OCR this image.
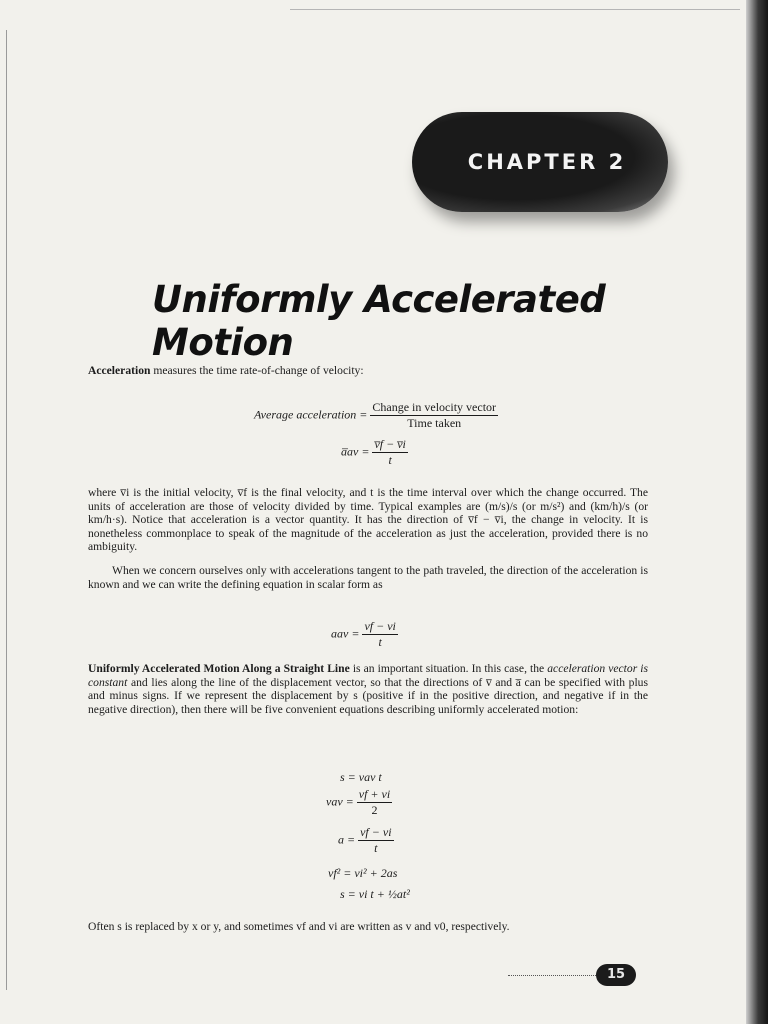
CHAPTER 2
Uniformly Accelerated Motion
Acceleration measures the time rate-of-change of velocity:
Average acceleration = $\frac{\text{Change in velocity vector}}{\text{Time taken}}$
a̅av = $\frac{v̅f - v̅i}{t}$
where v̅i is the initial velocity, v̅f is the final velocity, and t is the time interval over which the change occurred. The units of acceleration are those of velocity divided by time. Typical examples are (m/s)/s (or m/s²) and (km/h)/s (or km/h·s). Notice that acceleration is a vector quantity. It has the direction of v̅f − v̅i, the change in velocity. It is nonetheless commonplace to speak of the magnitude of the acceleration as just the acceleration, provided there is no ambiguity.
When we concern ourselves only with accelerations tangent to the path traveled, the direction of the acceleration is known and we can write the defining equation in scalar form as
aav = $\frac{vf - vi}{t}$
Uniformly Accelerated Motion Along a Straight Line is an important situation. In this case, the acceleration vector is constant and lies along the line of the displacement vector, so that the directions of v̅ and a̅ can be specified with plus and minus signs. If we represent the displacement by s (positive if in the positive direction, and negative if in the negative direction), then there will be five convenient equations describing uniformly accelerated motion:
s = vav t
vav = $\frac{vf + vi}{2}$
$a = \frac{vf - vi}{t}$
vf² = vi² + 2as
s = vi t + ½at²
Often s is replaced by x or y, and sometimes vf and vi are written as v and v0, respectively.
15
